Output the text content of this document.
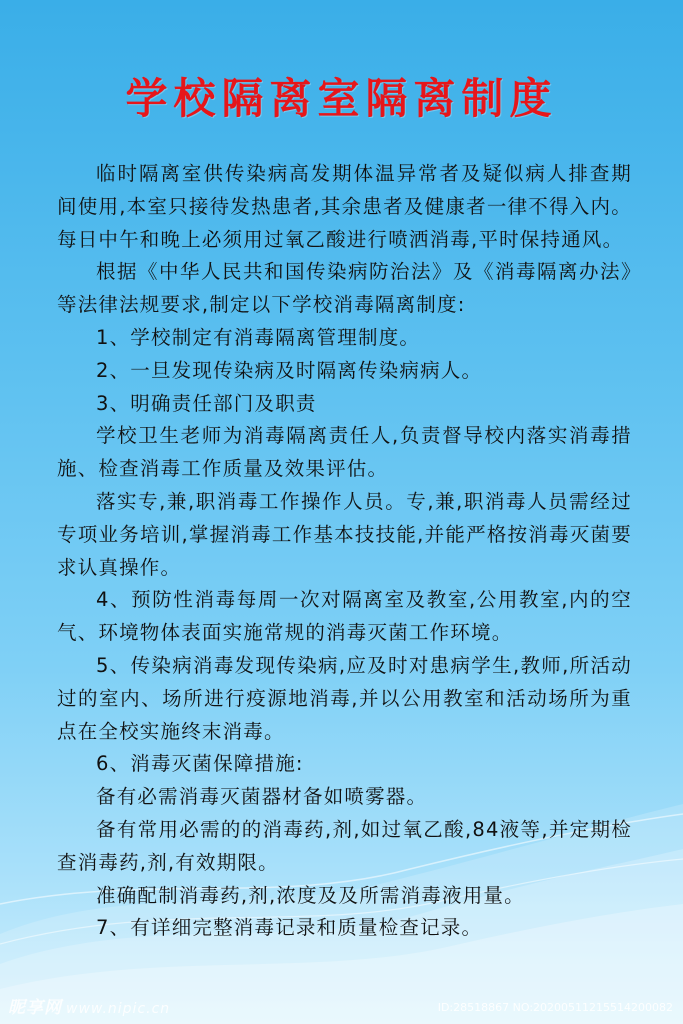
学校隔离室隔离制度

临时隔离室供传染病高发期体温异常者及疑似病人排查期间使用,本室只接待发热患者,其余患者及健康者一律不得入内。每日中午和晚上必须用过氧乙酸进行喷洒消毒,平时保持通风。

根据《中华人民共和国传染病防治法》及《消毒隔离办法》等法律法规要求,制定以下学校消毒隔离制度:

1、学校制定有消毒隔离管理制度。

2、一旦发现传染病及时隔离传染病病人。

3、明确责任部门及职责

学校卫生老师为消毒隔离责任人,负责督导校内落实消毒措施、检查消毒工作质量及效果评估。

落实专,兼,职消毒工作操作人员。专,兼,职消毒人员需经过专项业务培训,掌握消毒工作基本技技能,并能严格按消毒灭菌要求认真操作。

4、预防性消毒每周一次对隔离室及教室,公用教室,内的空气、环境物体表面实施常规的消毒灭菌工作环境。

5、传染病消毒发现传染病,应及时对患病学生,教师,所活动过的室内、场所进行疫源地消毒,并以公用教室和活动场所为重点在全校实施终末消毒。

6、消毒灭菌保障措施:

备有必需消毒灭菌器材备如喷雾器。

备有常用必需的的消毒药,剂,如过氧乙酸,84液等,并定期检查消毒药,剂,有效期限。

准确配制消毒药,剂,浓度及及所需消毒液用量。

7、有详细完整消毒记录和质量检查记录。

昵享网 www.nipic.cn	ID:28518867 NO:20200511215514200082
